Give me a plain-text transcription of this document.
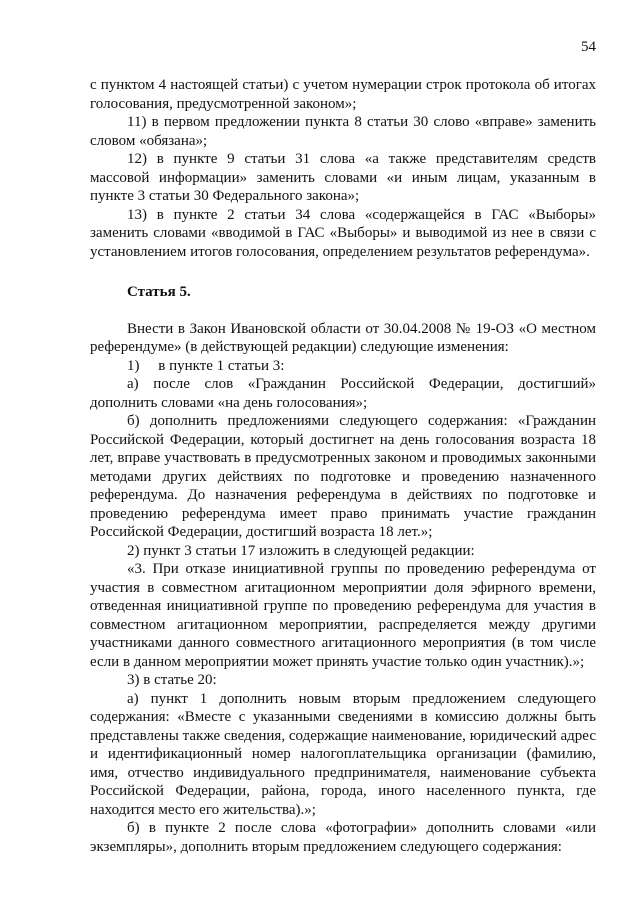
54

с пунктом 4 настоящей статьи) с учетом нумерации строк протокола об итогах голосования, предусмотренной законом»;

11) в первом предложении пункта 8 статьи 30 слово «вправе» заменить словом «обязана»;

12) в пункте 9 статьи 31 слова «а также представителям средств массовой информации» заменить словами «и иным лицам, указанным в пункте 3 статьи 30 Федерального закона»;

13) в пункте 2 статьи 34 слова «содержащейся в ГАС «Выборы» заменить словами «вводимой в ГАС «Выборы» и выводимой из нее в связи с установлением итогов голосования, определением результатов референдума».

Статья 5.

Внести в Закон Ивановской области от 30.04.2008 № 19-ОЗ «О местном референдуме» (в действующей редакции) следующие изменения:

1)     в пункте 1 статьи 3:

а) после слов «Гражданин Российской Федерации, достигший» дополнить словами «на день голосования»;

б) дополнить предложениями следующего содержания: «Гражданин Российской Федерации, который достигнет на день голосования возраста 18 лет, вправе участвовать в предусмотренных законом и проводимых законными методами других действиях по подготовке и проведению назначенного референдума. До назначения референдума в действиях по подготовке и проведению референдума имеет право принимать участие гражданин Российской Федерации, достигший возраста 18 лет.»;

2) пункт 3 статьи 17 изложить в следующей редакции:

«3. При отказе инициативной группы по проведению референдума от участия в совместном агитационном мероприятии доля эфирного времени, отведенная инициативной группе по проведению референдума для участия в совместном агитационном мероприятии, распределяется между другими участниками данного совместного агитационного мероприятия (в том числе если в данном мероприятии может принять участие только один участник).»;

3) в статье 20:

а) пункт 1 дополнить новым вторым предложением следующего содержания: «Вместе с указанными сведениями в комиссию должны быть представлены также сведения, содержащие наименование, юридический адрес и идентификационный номер налогоплательщика организации (фамилию, имя, отчество индивидуального предпринимателя, наименование субъекта Российской Федерации, района, города, иного населенного пункта, где находится место его жительства).»;

б) в пункте 2 после слова «фотографии» дополнить словами «или экземпляры», дополнить вторым предложением следующего содержания:
